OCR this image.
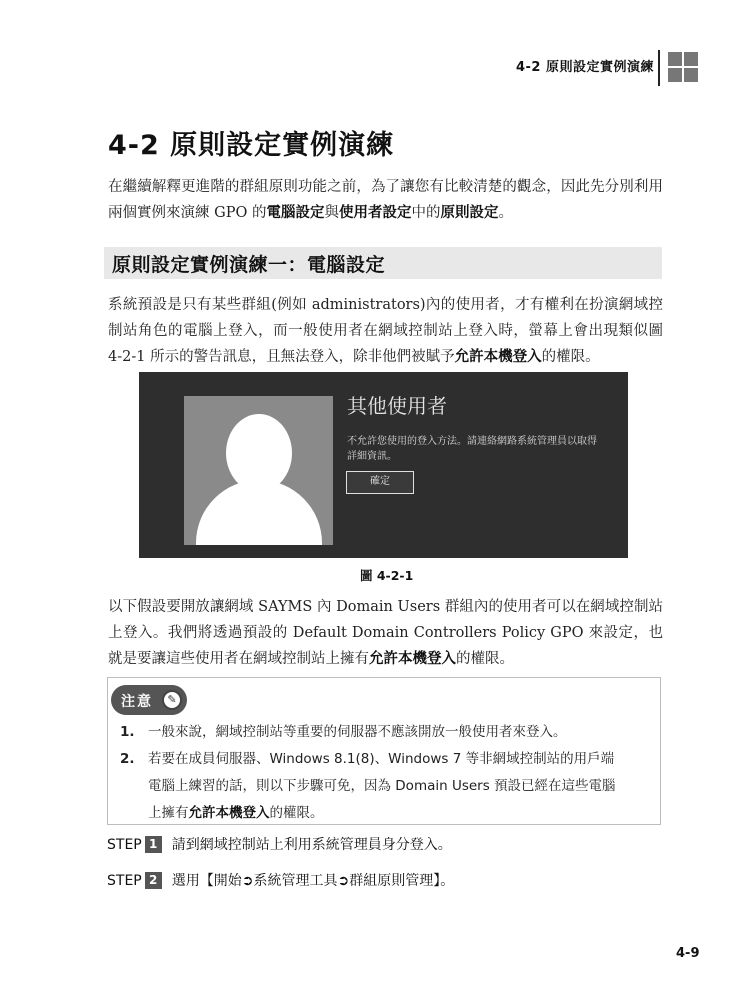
4-2 原則設定實例演練
4-2 原則設定實例演練

在繼續解釋更進階的群組原則功能之前，為了讓您有比較清楚的觀念，因此先分別利用兩個實例來演練 GPO 的電腦設定與使用者設定中的原則設定。

原則設定實例演練一：電腦設定

系統預設是只有某些群組(例如 administrators)內的使用者，才有權利在扮演網域控制站角色的電腦上登入，而一般使用者在網域控制站上登入時，螢幕上會出現類似圖 4-2-1 所示的警告訊息，且無法登入，除非他們被賦予允許本機登入的權限。

其他使用者
不允許您使用的登入方法。請連絡網路系統管理員以取得詳細資訊。
確定
圖 4-2-1

以下假設要開放讓網域 SAYMS 內 Domain Users 群組內的使用者可以在網域控制站上登入。我們將透過預設的 Default Domain Controllers Policy GPO 來設定，也就是要讓這些使用者在網域控制站上擁有允許本機登入的權限。

注意	✎
1. 一般來說，網域控制站等重要的伺服器不應該開放一般使用者來登入。
2. 若要在成員伺服器、Windows 8.1(8)、Windows 7 等非網域控制站的用戶端
電腦上練習的話，則以下步驟可免，因為 Domain Users 預設已經在這些電腦
上擁有允許本機登入的權限。
STEP 1 請到網域控制站上利用系統管理員身分登入。
STEP 2 選用【開始➲系統管理工具➲群組原則管理】。
4-9
